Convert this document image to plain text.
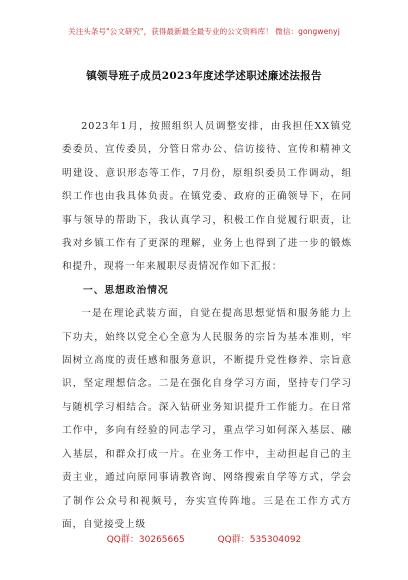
关注头条号"公文研究"，获得最新最全最专业的公文资料库！ 微信：gongwenyj
镇领导班子成员2023年度述学述职述廉述法报告

2023年1月，按照组织人员调整安排，由我担任XX镇党委委员、宣传委员，分管日常办公、信访接待、宣传和精神文明建设、意识形态等工作，7月份，原组织委员工作调动，组织工作也由我具体负责。在镇党委、政府的正确领导下，在同事与领导的帮助下，我认真学习，积极工作自觉履行职责，让我对乡镇工作有了更深的理解，业务上也得到了进一步的锻炼和提升，现将一年来履职尽责情况作如下汇报：

一、思想政治情况

一是在理论武装方面，自觉在提高思想觉悟和服务能力上下功夫，始终以党全心全意为人民服务的宗旨为基本准则，牢固树立高度的责任感和服务意识，不断提升党性修养、宗旨意识，坚定理想信念。二是在强化自身学习方面，坚持专门学习与随机学习相结合。深入钻研业务知识提升工作能力。在日常工作中，多向有经验的同志学习，重点学习如何深入基层、融入基层，和群众打成一片。在业务工作中，主动担起自己的主责主业，通过向原同事请教咨询、网络搜索自学等方式，学会了制作公众号和视频号，夯实宣传阵地。三是在工作方式方面，自觉接受上级

QQ群：30265665	QQ群：535304092
